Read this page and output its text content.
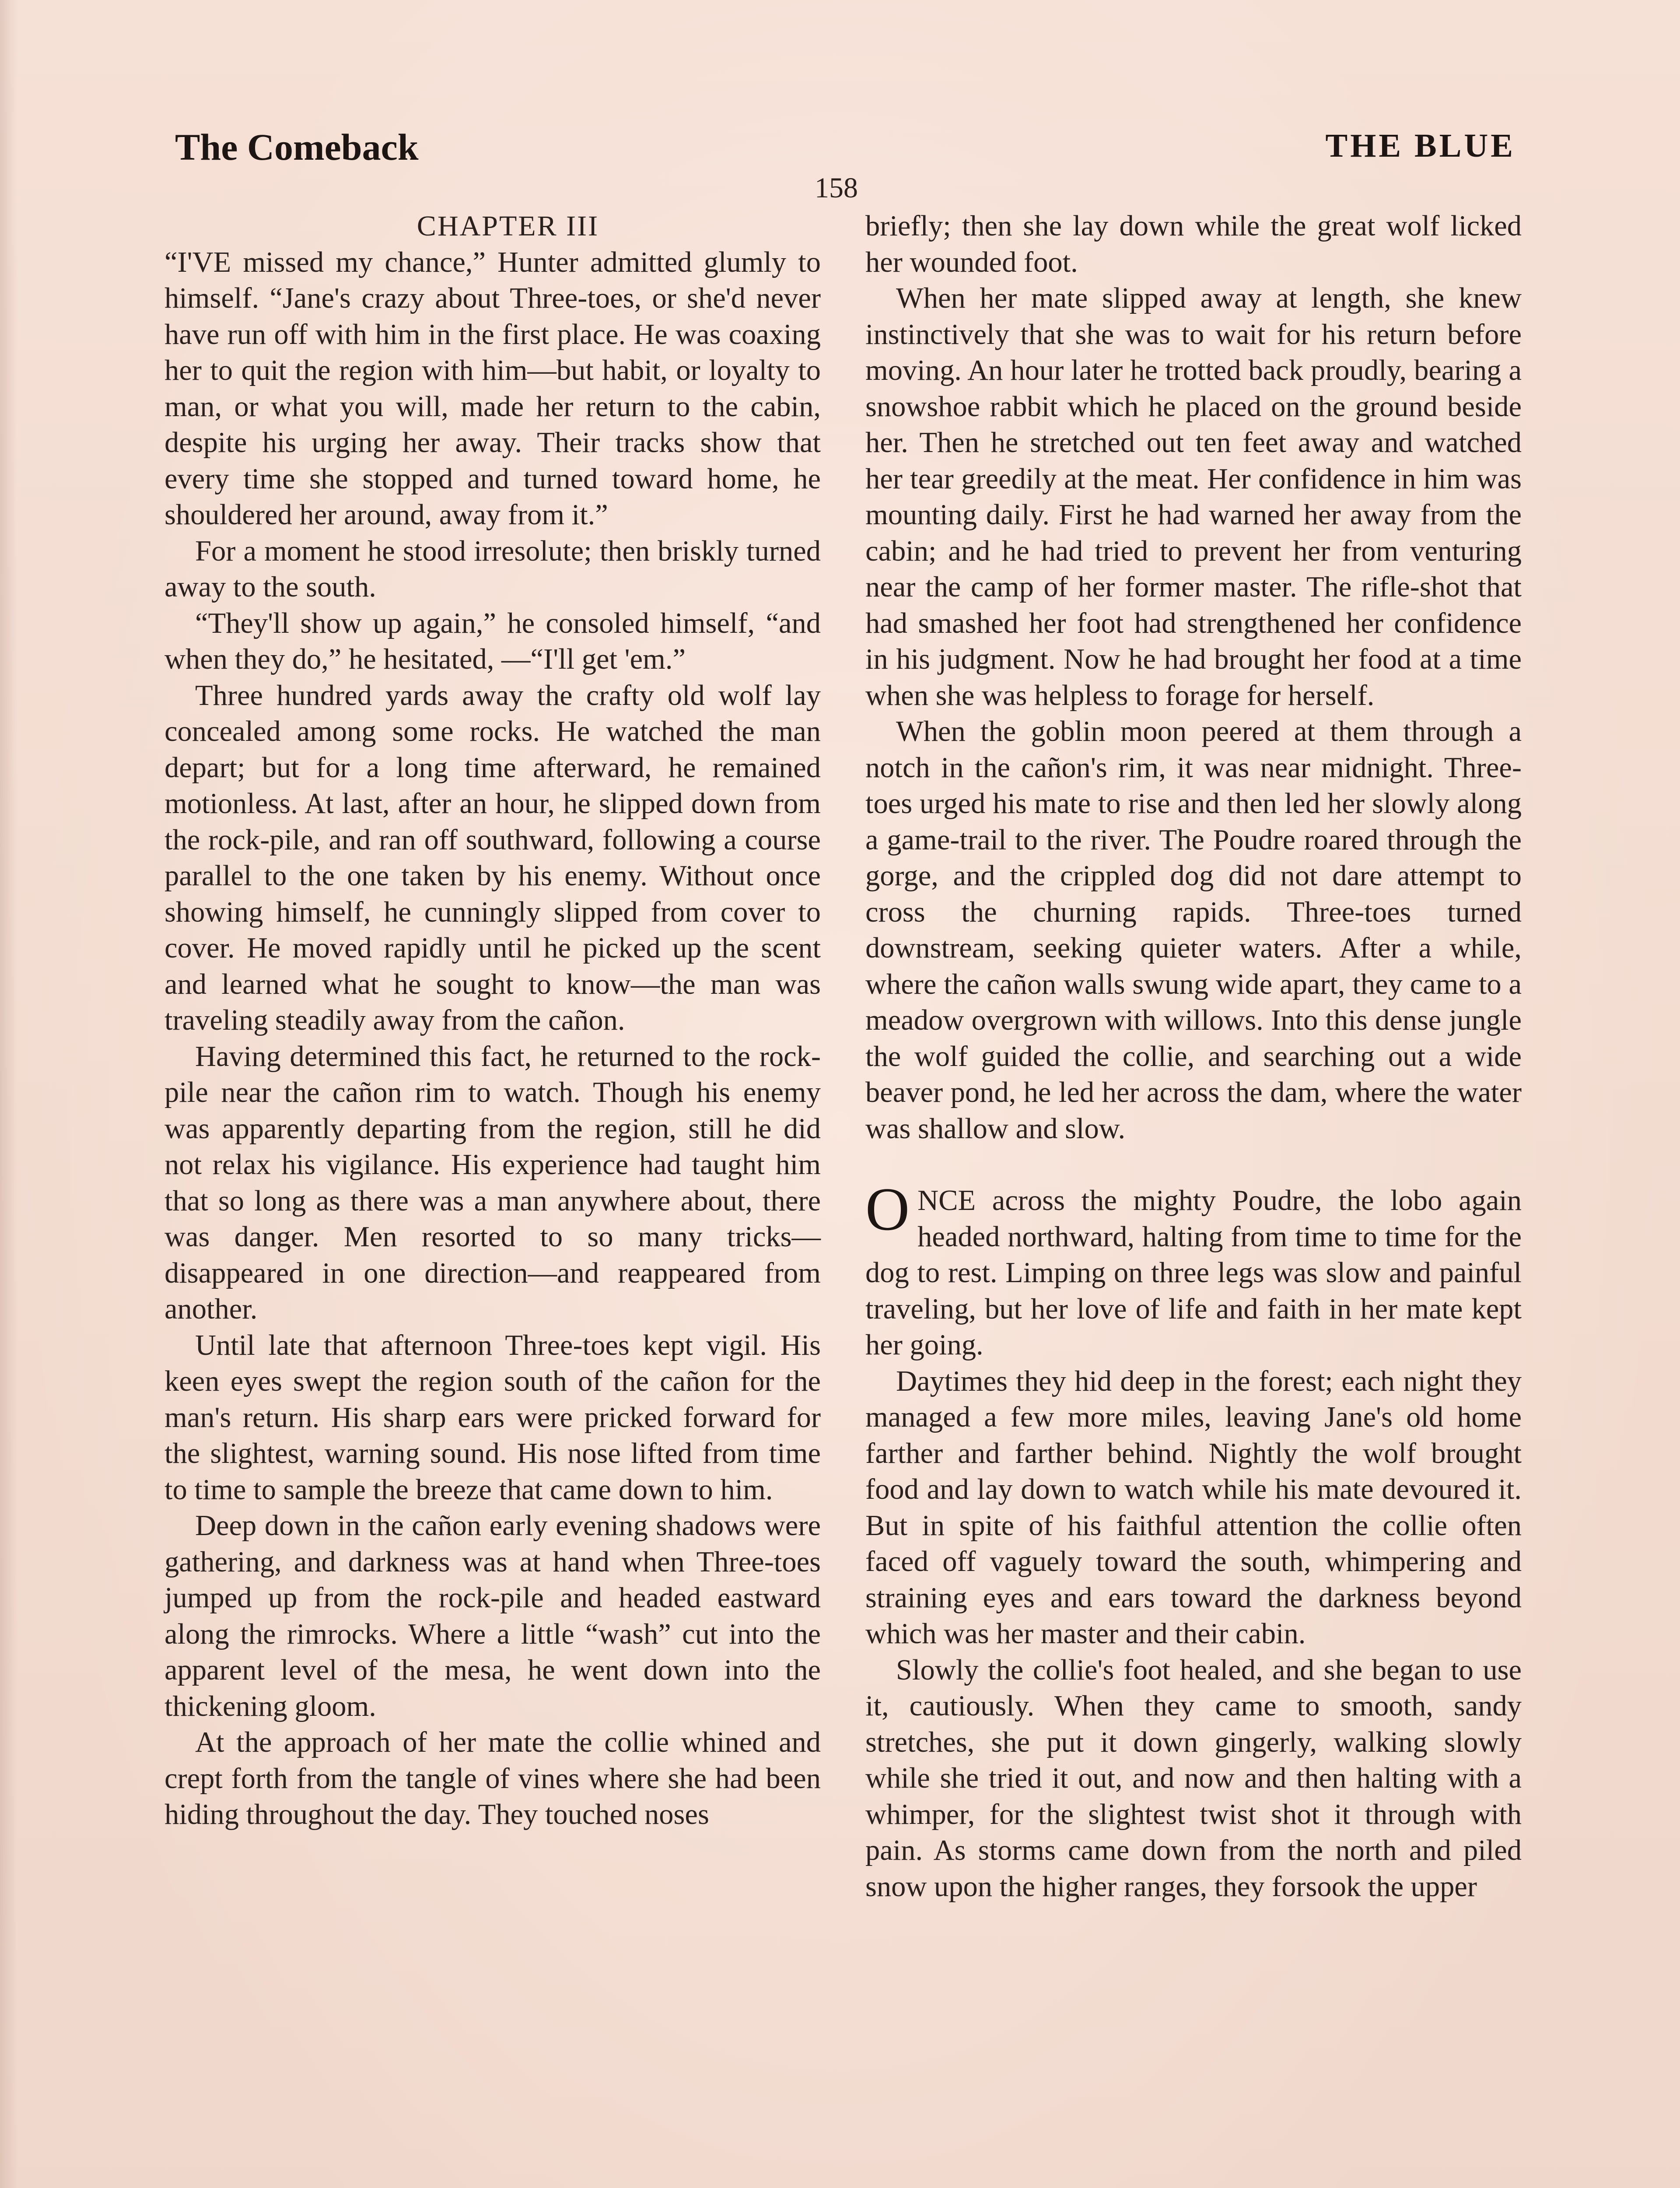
The Comeback	THE BLUE
158

CHAPTER III

“I'VE missed my chance,” Hunter admitted glumly to himself. “Jane's crazy about Three-toes, or she'd never have run off with him in the first place. He was coaxing her to quit the region with him—but habit, or loyalty to man, or what you will, made her return to the cabin, despite his urging her away. Their tracks show that every time she stopped and turned toward home, he shouldered her around, away from it.”

For a moment he stood irresolute; then briskly turned away to the south.

“They'll show up again,” he consoled himself, “and when they do,” he hesitated, —“I'll get 'em.”

Three hundred yards away the crafty old wolf lay concealed among some rocks. He watched the man depart; but for a long time afterward, he remained motionless. At last, after an hour, he slipped down from the rock-pile, and ran off southward, following a course parallel to the one taken by his enemy. Without once showing himself, he cunningly slipped from cover to cover. He moved rapidly until he picked up the scent and learned what he sought to know—the man was traveling steadily away from the cañon.

Having determined this fact, he returned to the rock-pile near the cañon rim to watch. Though his enemy was apparently departing from the region, still he did not relax his vigilance. His experience had taught him that so long as there was a man anywhere about, there was danger. Men resorted to so many tricks—disappeared in one direction—and reappeared from another.

Until late that afternoon Three-toes kept vigil. His keen eyes swept the region south of the cañon for the man's return. His sharp ears were pricked forward for the slightest, warning sound. His nose lifted from time to time to sample the breeze that came down to him.

Deep down in the cañon early evening shadows were gathering, and darkness was at hand when Three-toes jumped up from the rock-pile and headed eastward along the rimrocks. Where a little “wash” cut into the apparent level of the mesa, he went down into the thickening gloom.

At the approach of her mate the collie whined and crept forth from the tangle of vines where she had been hiding throughout the day. They touched noses

briefly; then she lay down while the great wolf licked her wounded foot.

When her mate slipped away at length, she knew instinctively that she was to wait for his return before moving. An hour later he trotted back proudly, bearing a snowshoe rabbit which he placed on the ground beside her. Then he stretched out ten feet away and watched her tear greedily at the meat. Her confidence in him was mounting daily. First he had warned her away from the cabin; and he had tried to prevent her from venturing near the camp of her former master. The rifle-shot that had smashed her foot had strengthened her confidence in his judgment. Now he had brought her food at a time when she was helpless to forage for herself.

When the goblin moon peered at them through a notch in the cañon's rim, it was near midnight. Three-toes urged his mate to rise and then led her slowly along a game-trail to the river. The Poudre roared through the gorge, and the crippled dog did not dare attempt to cross the churning rapids. Three-toes turned downstream, seeking quieter waters. After a while, where the cañon walls swung wide apart, they came to a meadow overgrown with willows. Into this dense jungle the wolf guided the collie, and searching out a wide beaver pond, he led her across the dam, where the water was shallow and slow.

ONCE across the mighty Poudre, the lobo again headed northward, halting from time to time for the dog to rest. Limping on three legs was slow and painful traveling, but her love of life and faith in her mate kept her going.

Daytimes they hid deep in the forest; each night they managed a few more miles, leaving Jane's old home farther and farther behind. Nightly the wolf brought food and lay down to watch while his mate devoured it. But in spite of his faithful attention the collie often faced off vaguely toward the south, whimpering and straining eyes and ears toward the darkness beyond which was her master and their cabin.

Slowly the collie's foot healed, and she began to use it, cautiously. When they came to smooth, sandy stretches, she put it down gingerly, walking slowly while she tried it out, and now and then halting with a whimper, for the slightest twist shot it through with pain. As storms came down from the north and piled snow upon the higher ranges, they forsook the upper
